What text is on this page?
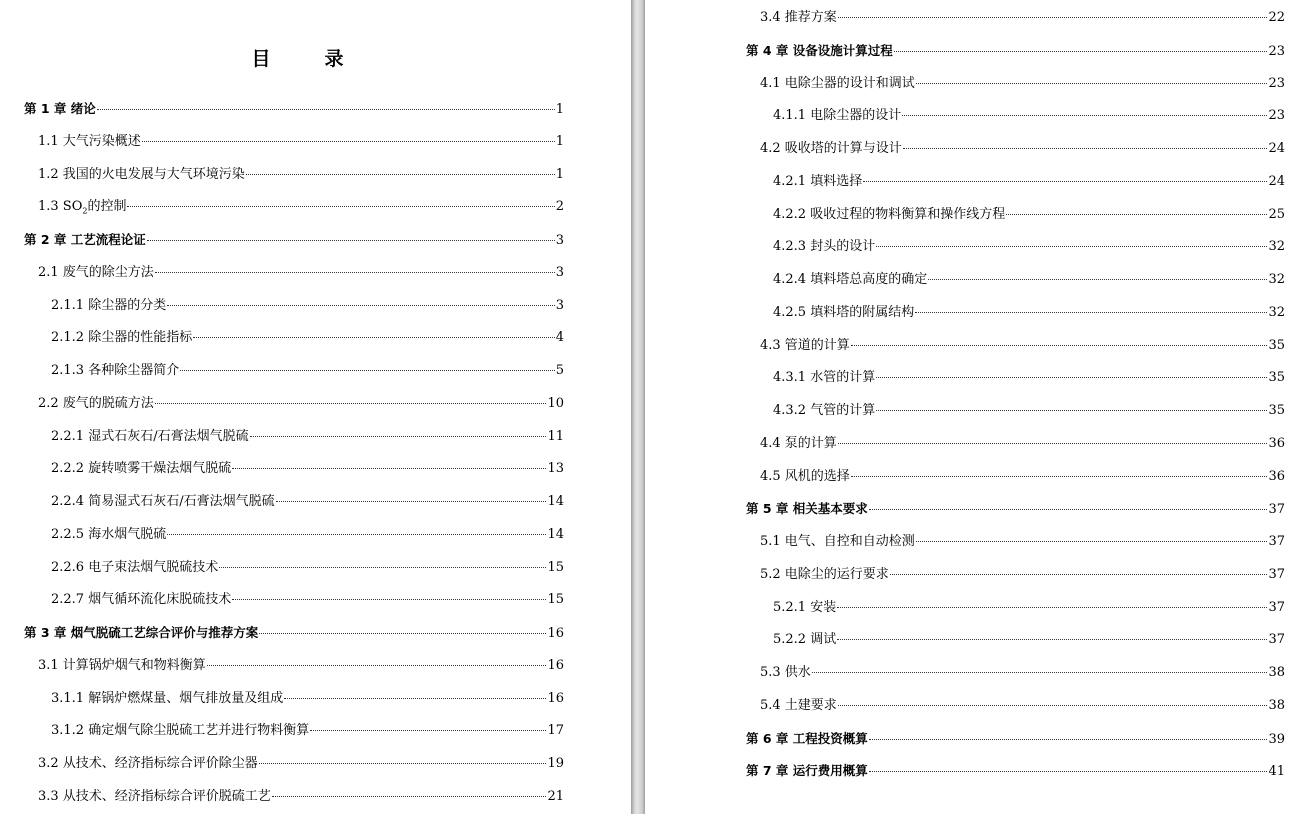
目	录
第 1 章 绪论	1
1.1 大气污染概述	1
1.2 我国的火电发展与大气环境污染	1
1.3 $SO_2$的控制	2
第 2 章 工艺流程论证	3
2.1 废气的除尘方法	3
2.1.1 除尘器的分类	3
2.1.2 除尘器的性能指标	4
2.1.3 各种除尘器简介	5
2.2 废气的脱硫方法	10
2.2.1 湿式石灰石/石膏法烟气脱硫	11
2.2.2 旋转喷雾干燥法烟气脱硫	13
2.2.4 简易湿式石灰石/石膏法烟气脱硫	14
2.2.5 海水烟气脱硫	14
2.2.6 电子束法烟气脱硫技术	15
2.2.7 烟气循环流化床脱硫技术	15
第 3 章 烟气脱硫工艺综合评价与推荐方案	16
3.1 计算锅炉烟气和物料衡算	16
3.1.1 解锅炉燃煤量、烟气排放量及组成	16
3.1.2 确定烟气除尘脱硫工艺并进行物料衡算	17
3.2 从技术、经济指标综合评价除尘器	19
3.3 从技术、经济指标综合评价脱硫工艺	21
3.4 推荐方案	22
第 4 章 设备设施计算过程	23
4.1 电除尘器的设计和调试	23
4.1.1 电除尘器的设计	23
4.2 吸收塔的计算与设计	24
4.2.1 填料选择	24
4.2.2 吸收过程的物料衡算和操作线方程	25
4.2.3 封头的设计	32
4.2.4 填料塔总高度的确定	32
4.2.5 填料塔的附属结构	32
4.3 管道的计算	35
4.3.1 水管的计算	35
4.3.2 气管的计算	35
4.4 泵的计算	36
4.5 风机的选择	36
第 5 章 相关基本要求	37
5.1 电气、自控和自动检测	37
5.2 电除尘的运行要求	37
5.2.1 安装	37
5.2.2 调试	37
5.3 供水	38
5.4 土建要求	38
第 6 章 工程投资概算	39
第 7 章 运行费用概算	41
